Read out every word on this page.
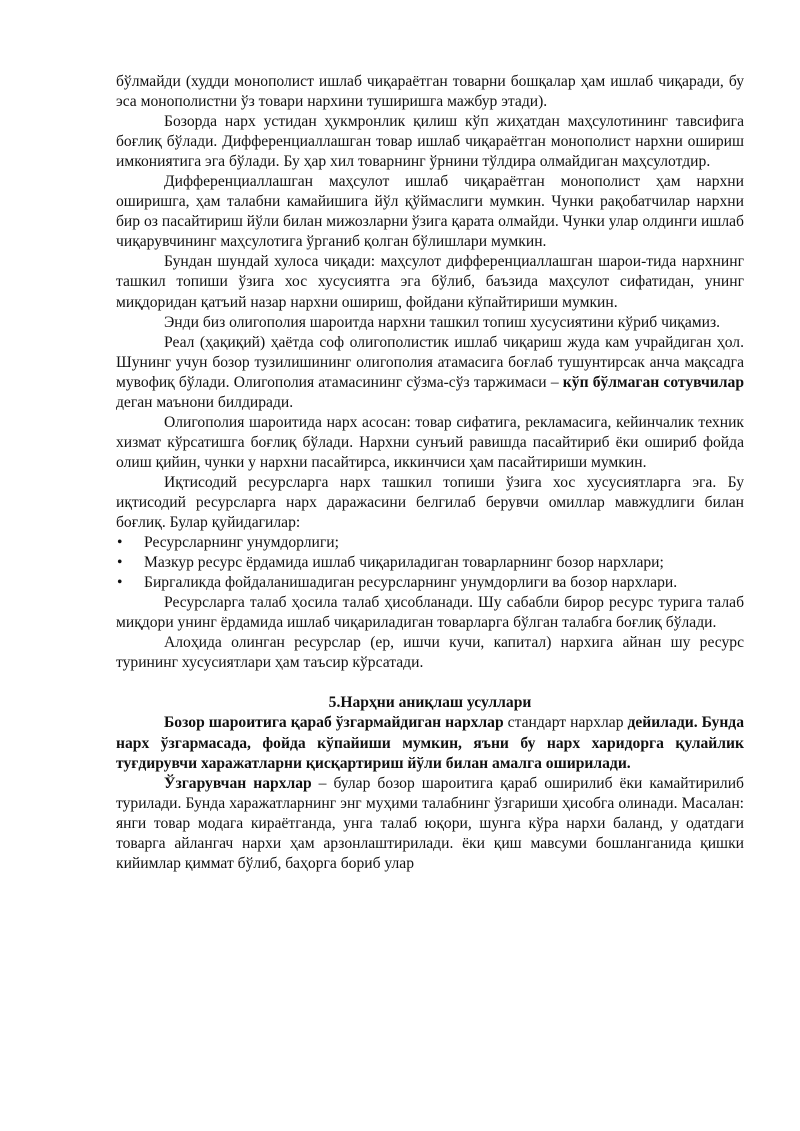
бўлмайди (худди монополист ишлаб чиқараётган товарни бошқалар ҳам ишлаб чиқаради, бу эса монополистни ўз товари нархини туширишга мажбур этади).

Бозорда нарх устидан ҳукмронлик қилиш кўп жиҳатдан маҳсулотининг тавсифига боғлиқ бўлади. Дифференциаллашган товар ишлаб чиқараётган монополист нархни ошириш имкониятига эга бўлади. Бу ҳар хил товарнинг ўрнини тўлдира олмайдиган маҳсулотдир.

Дифференциаллашган маҳсулот ишлаб чиқараётган монополист ҳам нархни оширишга, ҳам талабни камайишига йўл қўймаслиги мумкин. Чунки рақобатчилар нархни бир оз пасайтириш йўли билан мижозларни ўзига қарата олмайди. Чунки улар олдинги ишлаб чиқарувчининг маҳсулотига ўрганиб қолган бўлишлари мумкин.

Бундан шундай хулоса чиқади: маҳсулот дифференциаллашган шарои-тида нархнинг ташкил топиши ўзига хос хусусиятга эга бўлиб, баъзида маҳсулот сифатидан, унинг миқдоридан қатъий назар нархни ошириш, фойдани кўпайтириши мумкин.

Энди биз олигополия шароитда нархни ташкил топиш хусусиятини кўриб чиқамиз.

Реал (ҳақиқий) ҳаётда соф олигополистик ишлаб чиқариш жуда кам учрайдиган ҳол. Шунинг учун бозор тузилишининг олигополия атамасига боғлаб тушунтирсак анча мақсадга мувофиқ бўлади. Олигополия атамасининг сўзма-сўз таржимаси – кўп бўлмаган сотувчилар деган маънони билдиради.

Олигополия шароитида нарх асосан: товар сифатига, рекламасига, кейинчалик техник хизмат кўрсатишга боғлиқ бўлади. Нархни сунъий равишда пасайтириб ёки ошириб фойда олиш қийин, чунки у нархни пасайтирса, иккинчиси ҳам пасайтириши мумкин.

Иқтисодий ресурсларга нарх ташкил топиши ўзига хос хусусиятларга эга. Бу иқтисодий ресурсларга нарх даражасини белгилаб берувчи омиллар мавжудлиги билан боғлиқ. Булар қуйидагилар:

• Ресурсларнинг унумдорлиги;
• Мазкур ресурс ёрдамида ишлаб чиқариладиган товарларнинг бозор нархлари;
• Биргаликда фойдаланишадиган ресурсларнинг унумдорлиги ва бозор нархлари.

Ресурсларга талаб ҳосила талаб ҳисобланади. Шу сабабли бирор ресурс турига талаб миқдори унинг ёрдамида ишлаб чиқариладиган товарларга бўлган талабга боғлиқ бўлади.

Алоҳида олинган ресурслар (ер, ишчи кучи, капитал) нархига айнан шу ресурс турининг хусусиятлари ҳам таъсир кўрсатади.

5.Нарҳни аниқлаш усуллари

Бозор шароитига қараб ўзгармайдиган нархлар стандарт нархлар дейилади. Бунда нарх ўзгармасада, фойда кўпайиши мумкин, яъни бу нарх харидорга қулайлик туғдирувчи харажатларни қисқартириш йўли билан амалга оширилади.

Ўзгарувчан нархлар – булар бозор шароитига қараб оширилиб ёки камайтирилиб турилади. Бунда харажатларнинг энг муҳими талабнинг ўзгариши ҳисобга олинади. Масалан: янги товар модага кираётганда, унга талаб юқори, шунга кўра нархи баланд, у одатдаги товарга айлангач нархи ҳам арзонлаштирилади. ёки қиш мавсуми бошланганида қишки кийимлар қиммат бўлиб, баҳорга бориб улар
